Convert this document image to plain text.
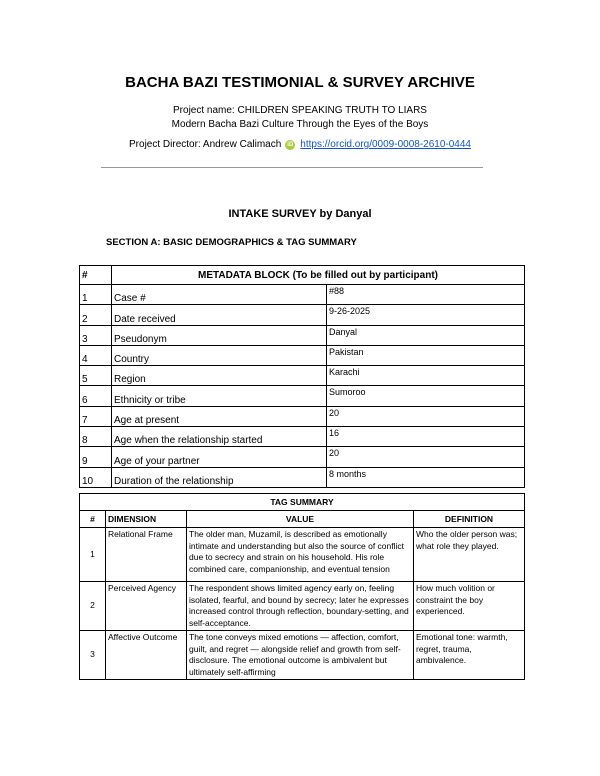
BACHA BAZI TESTIMONIAL & SURVEY ARCHIVE
Project name: CHILDREN SPEAKING TRUTH TO LIARS
Modern Bacha Bazi Culture Through the Eyes of the Boys
Project Director: Andrew Calimach iD https://orcid.org/0009-0008-2610-0444
INTAKE SURVEY by Danyal
SECTION A: BASIC DEMOGRAPHICS & TAG SUMMARY
#	METADATA BLOCK (To be filled out by participant)	
1	Case #	#88
2	Date received	9-26-2025
3	Pseudonym	Danyal
4	Country	Pakistan
5	Region	Karachi
6	Ethnicity or tribe	Sumoroo
7	Age at present	20
8	Age when the relationship started	16
9	Age of your partner	20
10	Duration of the relationship	8 months
TAG SUMMARY			
#	DIMENSION	VALUE	DEFINITION
1	Relational Frame	The older man, Muzamil, is described as emotionally intimate and understanding but also the source of conflict due to secrecy and strain on his household. His role combined care, companionship, and eventual tension	Who the older person was; what role they played.
2	Perceived Agency	The respondent shows limited agency early on, feeling isolated, fearful, and bound by secrecy; later he expresses increased control through reflection, boundary-setting, and self-acceptance.	How much volition or constraint the boy experienced.
3	Affective Outcome	The tone conveys mixed emotions — affection, comfort, guilt, and regret — alongside relief and growth from self-disclosure. The emotional outcome is ambivalent but ultimately self-affirming	Emotional tone: warmth, regret, trauma, ambivalence.
